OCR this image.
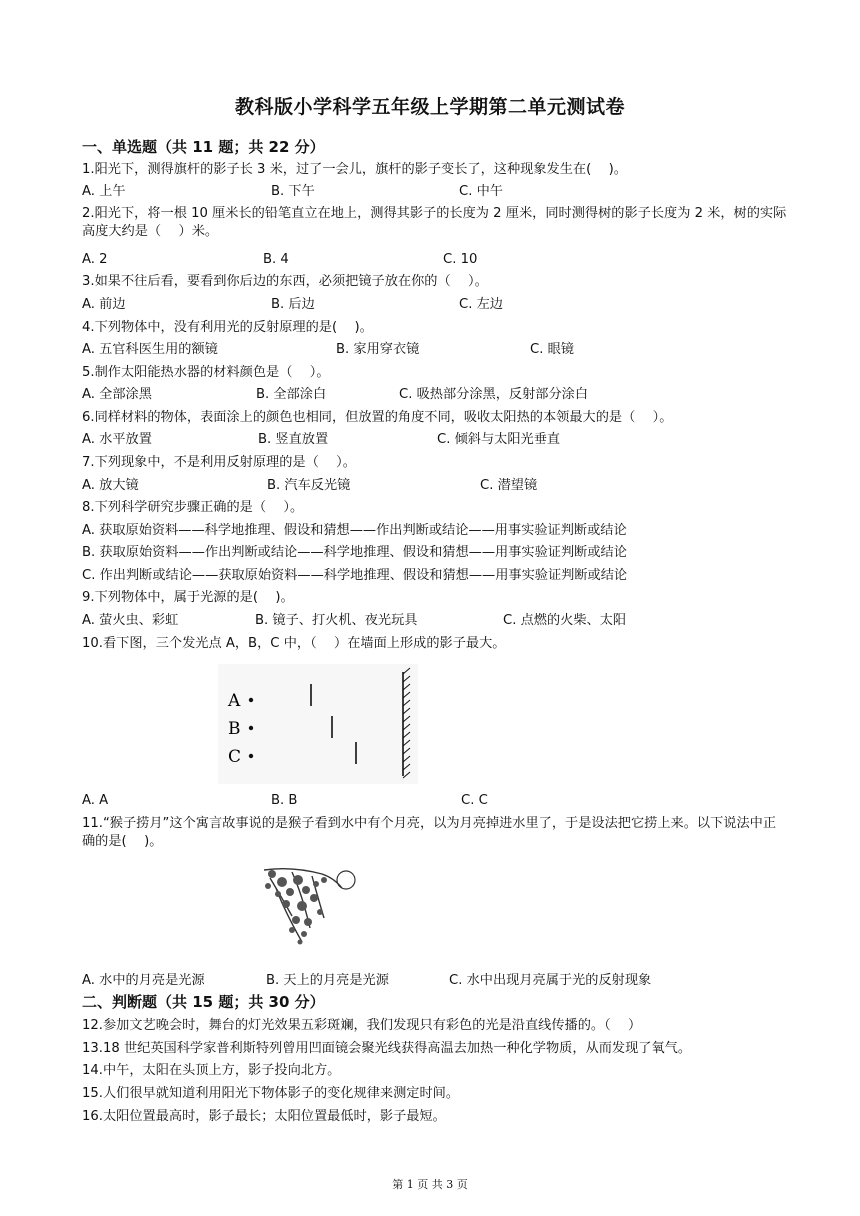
教科版小学科学五年级上学期第二单元测试卷
一、单选题（共 11 题；共 22 分）
1.阳光下，测得旗杆的影子长 3 米，过了一会儿，旗杆的影子变长了，这种现象发生在(　 )。
A. 上午	B. 下午	C. 中午
2.阳光下，将一根 10 厘米长的铅笔直立在地上，测得其影子的长度为 2 厘米，同时测得树的影子长度为 2 米，树的实际高度大约是（　 ）米。
A. 2	B. 4	C. 10
3.如果不往后看，要看到你后边的东西，必须把镜子放在你的（　 ）。
A. 前边	B. 后边	C. 左边
4.下列物体中，没有利用光的反射原理的是(　 )。
A. 五官科医生用的额镜	B. 家用穿衣镜	C. 眼镜
5.制作太阳能热水器的材料颜色是（　 ）。
A. 全部涂黑	B. 全部涂白	C. 吸热部分涂黑，反射部分涂白
6.同样材料的物体，表面涂上的颜色也相同，但放置的角度不同，吸收太阳热的本领最大的是（　 ）。
A. 水平放置	B. 竖直放置	C. 倾斜与太阳光垂直
7.下列现象中，不是利用反射原理的是（　 ）。
A. 放大镜	B. 汽车反光镜	C. 潜望镜
8.下列科学研究步骤正确的是（　 ）。
A. 获取原始资料——科学地推理、假设和猜想——作出判断或结论——用事实验证判断或结论
B. 获取原始资料——作出判断或结论——科学地推理、假设和猜想——用事实验证判断或结论
C. 作出判断或结论——获取原始资料——科学地推理、假设和猜想——用事实验证判断或结论
9.下列物体中，属于光源的是(　 )。
A. 萤火虫、彩虹	B. 镜子、打火机、夜光玩具	C. 点燃的火柴、太阳
10.看下图，三个发光点 A，B，C 中，（　 ）在墙面上形成的影子最大。
A
B
C
A. A	B. B	C. C
11.“猴子捞月”这个寓言故事说的是猴子看到水中有个月亮，以为月亮掉进水里了，于是设法把它捞上来。以下说法中正确的是(　 )。
A. 水中的月亮是光源	B. 天上的月亮是光源	C. 水中出现月亮属于光的反射现象
二、判断题（共 15 题；共 30 分）
12.参加文艺晚会时，舞台的灯光效果五彩斑斓，我们发现只有彩色的光是沿直线传播的。（　 ）
13.18 世纪英国科学家普利斯特列曾用凹面镜会聚光线获得高温去加热一种化学物质，从而发现了氧气。
14.中午，太阳在头顶上方，影子投向北方。
15.人们很早就知道利用阳光下物体影子的变化规律来测定时间。
16.太阳位置最高时，影子最长；太阳位置最低时，影子最短。
第 1 页 共 3 页
